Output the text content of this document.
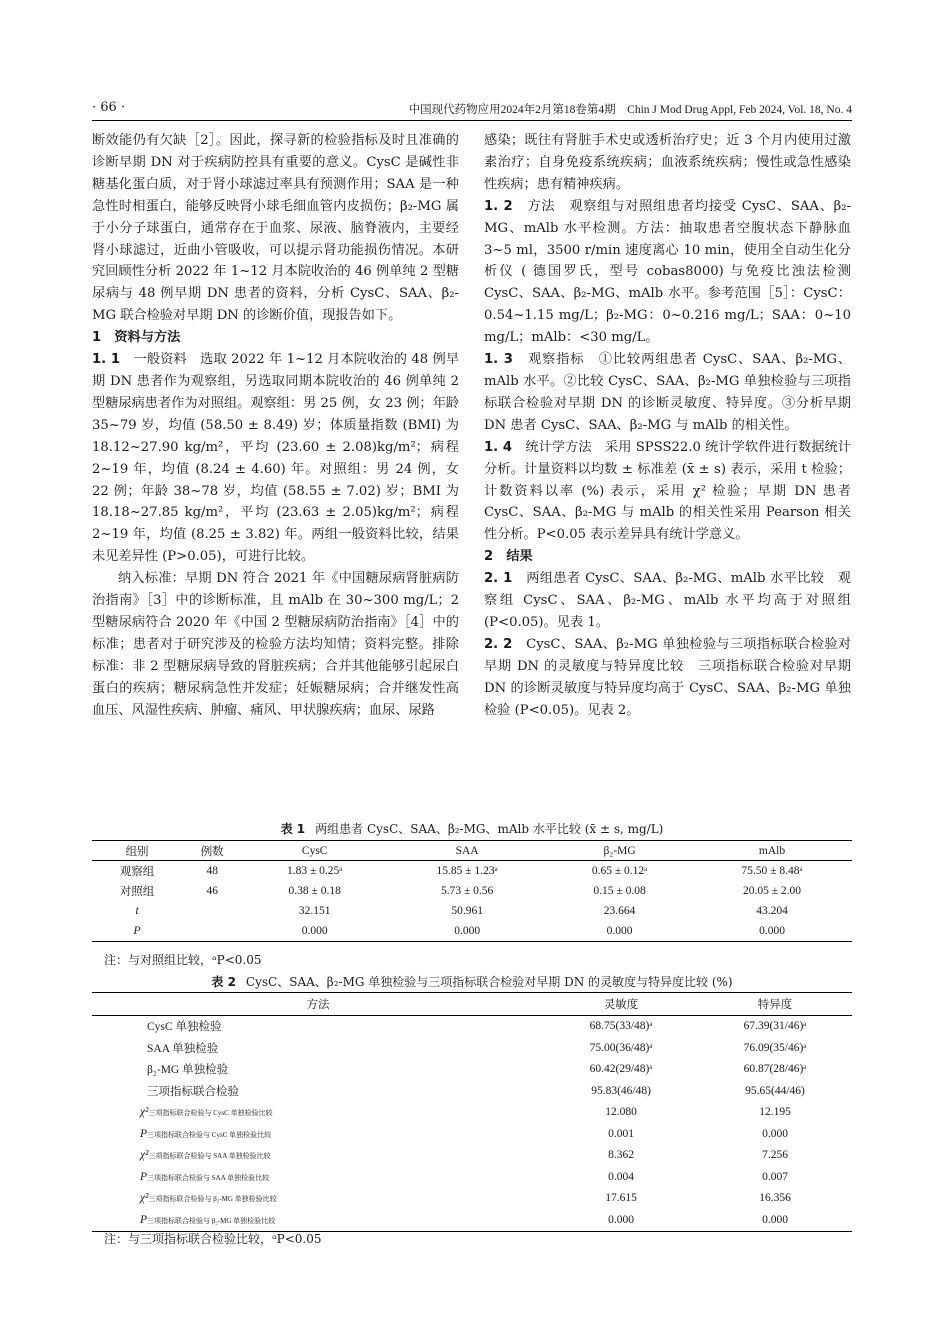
· 66 ·	中国现代药物应用2024年2月第18卷第4期　Chin J Mod Drug Appl, Feb 2024, Vol. 18, No. 4

断效能仍有欠缺［2］。因此，探寻新的检验指标及时且准确的诊断早期 DN 对于疾病防控具有重要的意义。CysC 是碱性非糖基化蛋白质，对于肾小球滤过率具有预测作用；SAA 是一种急性时相蛋白，能够反映肾小球毛细血管内皮损伤；β₂-MG 属于小分子球蛋白，通常存在于血浆、尿液、脑脊液内，主要经肾小球滤过，近曲小管吸收，可以提示肾功能损伤情况。本研究回顾性分析 2022 年 1~12 月本院收治的 46 例单纯 2 型糖尿病与 48 例早期 DN 患者的资料，分析 CysC、SAA、β₂-MG 联合检验对早期 DN 的诊断价值，现报告如下。

1　资料与方法

1. 1　 一般资料　选取 2022 年 1~12 月本院收治的 48 例早期 DN 患者作为观察组，另选取同期本院收治的 46 例单纯 2 型糖尿病患者作为对照组。观察组：男 25 例，女 23 例；年龄 35~79 岁，均值 (58.50 ± 8.49) 岁；体质量指数 (BMI) 为 18.12~27.90 kg/m²，平均 (23.60 ± 2.08)kg/m²；病程 2~19 年，均值 (8.24 ± 4.60) 年。对照组：男 24 例，女 22 例；年龄 38~78 岁，均值 (58.55 ± 7.02) 岁；BMI 为 18.18~27.85 kg/m²，平均 (23.63 ± 2.05)kg/m²；病程 2~19 年，均值 (8.25 ± 3.82) 年。两组一般资料比较，结果未见差异性 (P>0.05)，可进行比较。

纳入标准：早期 DN 符合 2021 年《中国糖尿病肾脏病防治指南》［3］中的诊断标准，且 mAlb 在 30~300 mg/L；2 型糖尿病符合 2020 年《中国 2 型糖尿病防治指南》［4］中的标准；患者对于研究涉及的检验方法均知情；资料完整。排除标准：非 2 型糖尿病导致的肾脏疾病；合并其他能够引起尿白蛋白的疾病；糖尿病急性并发症；妊娠糖尿病；合并继发性高血压、风湿性疾病、肿瘤、痛风、甲状腺疾病；血尿、尿路

感染；既往有肾脏手术史或透析治疗史；近 3 个月内使用过激素治疗；自身免疫系统疾病；血液系统疾病；慢性或急性感染性疾病；患有精神疾病。

1. 2　 方法　观察组与对照组患者均接受 CysC、SAA、β₂-MG、mAlb 水平检测。方法：抽取患者空腹状态下静脉血 3~5 ml，3500 r/min 速度离心 10 min，使用全自动生化分析仪 ( 德国罗氏，型号 cobas8000) 与免疫比浊法检测 CysC、SAA、β₂-MG、mAlb 水平。参考范围［5］：CysC：0.54~1.15 mg/L；β₂-MG：0~0.216 mg/L；SAA：0~10 mg/L；mAlb：<30 mg/L。

1. 3　 观察指标　①比较两组患者 CysC、SAA、β₂-MG、mAlb 水平。②比较 CysC、SAA、β₂-MG 单独检验与三项指标联合检验对早期 DN 的诊断灵敏度、特异度。③分析早期 DN 患者 CysC、SAA、β₂-MG 与 mAlb 的相关性。

1. 4　 统计学方法　采用 SPSS22.0 统计学软件进行数据统计分析。计量资料以均数 ± 标准差 (x̄ ± s) 表示，采用 t 检验；计数资料以率 (%) 表示，采用 χ² 检验；早期 DN 患者 CysC、SAA、β₂-MG 与 mAlb 的相关性采用 Pearson 相关性分析。P<0.05 表示差异具有统计学意义。

2　结果

2. 1　 两组患者 CysC、SAA、β₂-MG、mAlb 水平比较　观察组 CysC、SAA、β₂-MG、mAlb 水平均高于对照组 (P<0.05)。见表 1。

2. 2　 CysC、SAA、β₂-MG 单独检验与三项指标联合检验对早期 DN 的灵敏度与特异度比较　三项指标联合检验对早期 DN 的诊断灵敏度与特异度均高于 CysC、SAA、β₂-MG 单独检验 (P<0.05)。见表 2。

表 1 两组患者 CysC、SAA、β₂-MG、mAlb 水平比较 (x̄ ± s, mg/L)
组别	例数	CysC	SAA	β₂-MG	mAlb
观察组	48	1.83 ± 0.25ᵃ	15.85 ± 1.23ᵃ	0.65 ± 0.12ᵃ	75.50 ± 8.48ᵃ
对照组	46	0.38 ± 0.18	5.73 ± 0.56	0.15 ± 0.08	20.05 ± 2.00
t		32.151	50.961	23.664	43.204
P		0.000	0.000	0.000	0.000
注：与对照组比较，ᵃP<0.05
表 2 CysC、SAA、β₂-MG 单独检验与三项指标联合检验对早期 DN 的灵敏度与特异度比较 (%)
方法	灵敏度	特异度
CysC 单独检验	68.75(33/48)ᵃ	67.39(31/46)ᵃ
SAA 单独检验	75.00(36/48)ᵃ	76.09(35/46)ᵃ
β₂-MG 单独检验	60.42(29/48)ᵃ	60.87(28/46)ᵃ
三项指标联合检验	95.83(46/48)	95.65(44/46)
χ²三项指标联合检验与 CysC 单独检验比较	12.080	12.195
P三项指标联合检验与 CysC 单独检验比较	0.001	0.000
χ²三项指标联合检验与 SAA 单独检验比较	8.362	7.256
P三项指标联合检验与 SAA 单独检验比较	0.004	0.007
χ²三项指标联合检验与 β₂-MG 单独检验比较	17.615	16.356
P三项指标联合检验与 β₂-MG 单独检验比较	0.000	0.000
注：与三项指标联合检验比较，ᵃP<0.05
